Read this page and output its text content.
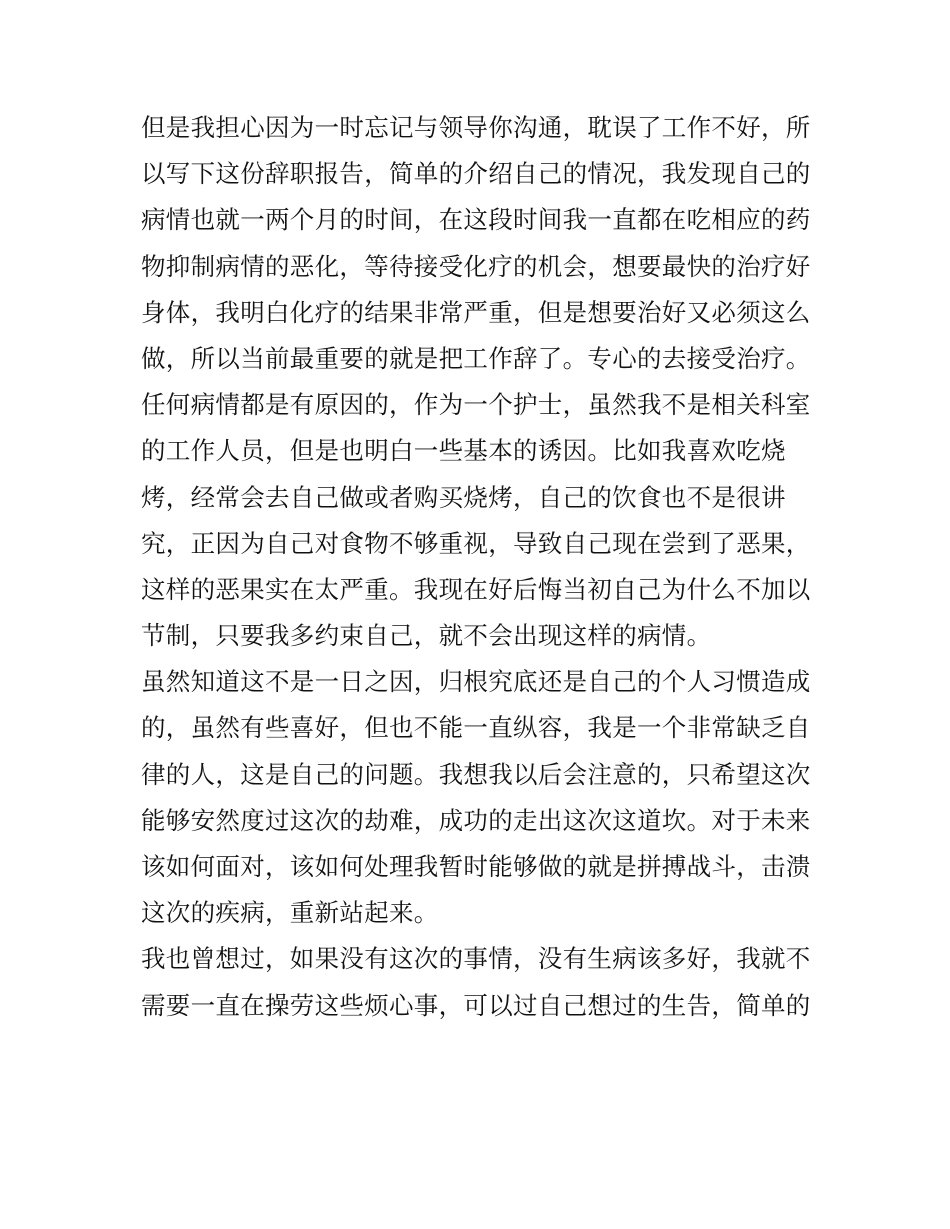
但是我担心因为一时忘记与领导你沟通，耽误了工作不好，所
以写下这份辞职报告，简单的介绍自己的情况，我发现自己的
病情也就一两个月的时间，在这段时间我一直都在吃相应的药
物抑制病情的恶化，等待接受化疗的机会，想要最快的治疗好
身体，我明白化疗的结果非常严重，但是想要治好又必须这么
做，所以当前最重要的就是把工作辞了。专心的去接受治疗。
任何病情都是有原因的，作为一个护士，虽然我不是相关科室
的工作人员，但是也明白一些基本的诱因。比如我喜欢吃烧
烤，经常会去自己做或者购买烧烤，自己的饮食也不是很讲
究，正因为自己对食物不够重视，导致自己现在尝到了恶果，
这样的恶果实在太严重。我现在好后悔当初自己为什么不加以
节制，只要我多约束自己，就不会出现这样的病情。
虽然知道这不是一日之因，归根究底还是自己的个人习惯造成
的，虽然有些喜好，但也不能一直纵容，我是一个非常缺乏自
律的人，这是自己的问题。我想我以后会注意的，只希望这次
能够安然度过这次的劫难，成功的走出这次这道坎。对于未来
该如何面对，该如何处理我暂时能够做的就是拼搏战斗，击溃
这次的疾病，重新站起来。
我也曾想过，如果没有这次的事情，没有生病该多好，我就不
需要一直在操劳这些烦心事，可以过自己想过的生告，简单的
